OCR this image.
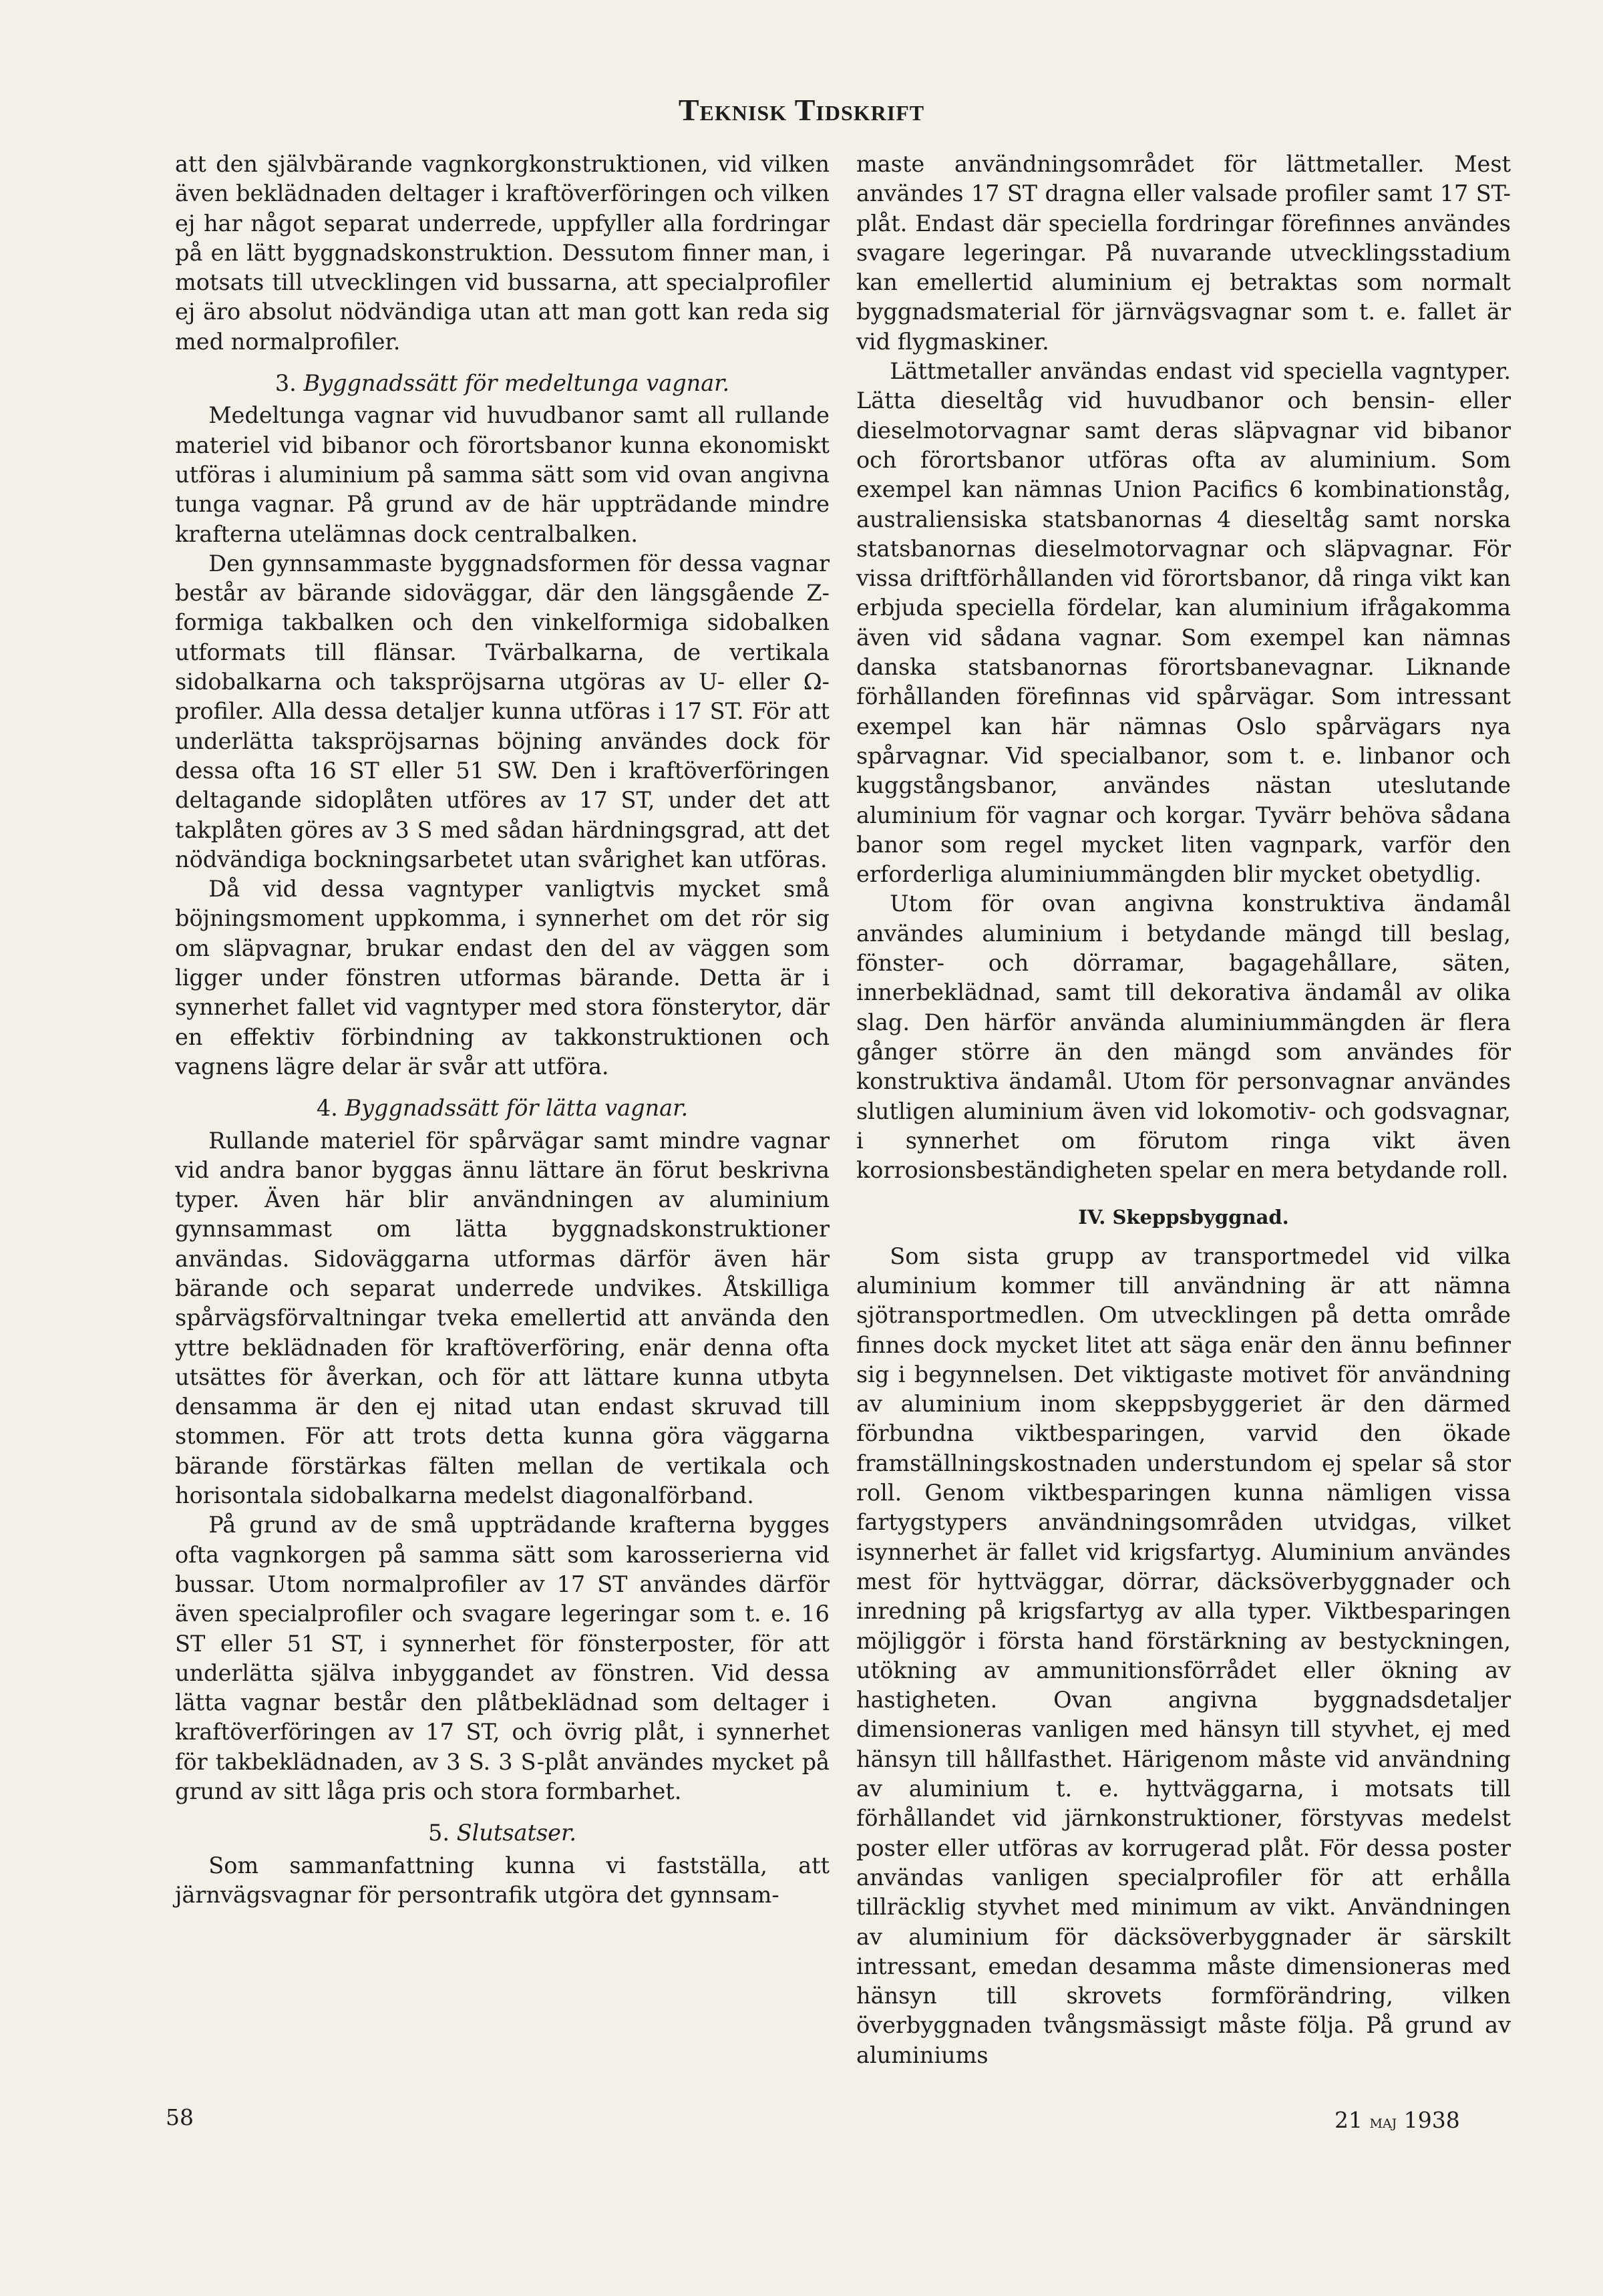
Teknisk Tidskrift

att den självbärande vagnkorgkonstruktionen, vid vilken även beklädnaden deltager i kraftöverföringen och vilken ej har något separat underrede, uppfyller alla fordringar på en lätt byggnadskonstruktion. Dessutom finner man, i motsats till utvecklingen vid bussarna, att specialprofiler ej äro absolut nödvändiga utan att man gott kan reda sig med normalprofiler.

3. Byggnadssätt för medeltunga vagnar.

Medeltunga vagnar vid huvudbanor samt all rullande materiel vid bibanor och förortsbanor kunna ekonomiskt utföras i aluminium på samma sätt som vid ovan angivna tunga vagnar. På grund av de här uppträdande mindre krafterna utelämnas dock centralbalken.

Den gynnsammaste byggnadsformen för dessa vagnar består av bärande sidoväggar, där den längsgående Z-formiga takbalken och den vinkelformiga sidobalken utformats till flänsar. Tvärbalkarna, de vertikala sidobalkarna och takspröjsarna utgöras av U- eller Ω-profiler. Alla dessa detaljer kunna utföras i 17 ST. För att underlätta takspröjsarnas böjning användes dock för dessa ofta 16 ST eller 51 SW. Den i kraftöverföringen deltagande sidoplåten utföres av 17 ST, under det att takplåten göres av 3 S med sådan härdningsgrad, att det nödvändiga bockningsarbetet utan svårighet kan utföras.

Då vid dessa vagntyper vanligtvis mycket små böjningsmoment uppkomma, i synnerhet om det rör sig om släpvagnar, brukar endast den del av väggen som ligger under fönstren utformas bärande. Detta är i synnerhet fallet vid vagntyper med stora fönsterytor, där en effektiv förbindning av takkonstruktionen och vagnens lägre delar är svår att utföra.

4. Byggnadssätt för lätta vagnar.

Rullande materiel för spårvägar samt mindre vagnar vid andra banor byggas ännu lättare än förut beskrivna typer. Även här blir användningen av aluminium gynnsammast om lätta byggnadskonstruktioner användas. Sidoväggarna utformas därför även här bärande och separat underrede undvikes. Åtskilliga spårvägsförvaltningar tveka emellertid att använda den yttre beklädnaden för kraftöverföring, enär denna ofta utsättes för åverkan, och för att lättare kunna utbyta densamma är den ej nitad utan endast skruvad till stommen. För att trots detta kunna göra väggarna bärande förstärkas fälten mellan de vertikala och horisontala sidobalkarna medelst diagonalförband.

På grund av de små uppträdande krafterna bygges ofta vagnkorgen på samma sätt som karosserierna vid bussar. Utom normalprofiler av 17 ST användes därför även specialprofiler och svagare legeringar som t. e. 16 ST eller 51 ST, i synnerhet för fönsterposter, för att underlätta själva inbyggandet av fönstren. Vid dessa lätta vagnar består den plåtbeklädnad som deltager i kraftöverföringen av 17 ST, och övrig plåt, i synnerhet för takbeklädnaden, av 3 S. 3 S-plåt användes mycket på grund av sitt låga pris och stora formbarhet.

5. Slutsatser.

Som sammanfattning kunna vi fastställa, att järnvägsvagnar för persontrafik utgöra det gynnsam-

maste användningsområdet för lättmetaller. Mest användes 17 ST dragna eller valsade profiler samt 17 ST-plåt. Endast där speciella fordringar förefinnes användes svagare legeringar. På nuvarande utvecklingsstadium kan emellertid aluminium ej betraktas som normalt byggnadsmaterial för järnvägsvagnar som t. e. fallet är vid flygmaskiner.

Lättmetaller användas endast vid speciella vagntyper. Lätta dieseltåg vid huvudbanor och bensin- eller dieselmotorvagnar samt deras släpvagnar vid bibanor och förortsbanor utföras ofta av aluminium. Som exempel kan nämnas Union Pacifics 6 kombinationståg, australiensiska statsbanornas 4 dieseltåg samt norska statsbanornas dieselmotorvagnar och släpvagnar. För vissa driftförhållanden vid förortsbanor, då ringa vikt kan erbjuda speciella fördelar, kan aluminium ifrågakomma även vid sådana vagnar. Som exempel kan nämnas danska statsbanornas förortsbanevagnar. Liknande förhållanden förefinnas vid spårvägar. Som intressant exempel kan här nämnas Oslo spårvägars nya spårvagnar. Vid specialbanor, som t. e. linbanor och kuggstångsbanor, användes nästan uteslutande aluminium för vagnar och korgar. Tyvärr behöva sådana banor som regel mycket liten vagnpark, varför den erforderliga aluminiummängden blir mycket obetydlig.

Utom för ovan angivna konstruktiva ändamål användes aluminium i betydande mängd till beslag, fönster- och dörramar, bagagehållare, säten, innerbeklädnad, samt till dekorativa ändamål av olika slag. Den härför använda aluminiummängden är flera gånger större än den mängd som användes för konstruktiva ändamål. Utom för personvagnar användes slutligen aluminium även vid lokomotiv- och godsvagnar, i synnerhet om förutom ringa vikt även korrosionsbeständigheten spelar en mera betydande roll.

IV. Skeppsbyggnad.

Som sista grupp av transportmedel vid vilka aluminium kommer till användning är att nämna sjötransportmedlen. Om utvecklingen på detta område finnes dock mycket litet att säga enär den ännu befinner sig i begynnelsen. Det viktigaste motivet för användning av aluminium inom skeppsbyggeriet är den därmed förbundna viktbesparingen, varvid den ökade framställningskostnaden understundom ej spelar så stor roll. Genom viktbesparingen kunna nämligen vissa fartygstypers användningsområden utvidgas, vilket isynnerhet är fallet vid krigsfartyg. Aluminium användes mest för hyttväggar, dörrar, däcksöverbyggnader och inredning på krigsfartyg av alla typer. Viktbesparingen möjliggör i första hand förstärkning av bestyckningen, utökning av ammunitionsförrådet eller ökning av hastigheten. Ovan angivna byggnadsdetaljer dimensioneras vanligen med hänsyn till styvhet, ej med hänsyn till hållfasthet. Härigenom måste vid användning av aluminium t. e. hyttväggarna, i motsats till förhållandet vid järnkonstruktioner, förstyvas medelst poster eller utföras av korrugerad plåt. För dessa poster användas vanligen specialprofiler för att erhålla tillräcklig styvhet med minimum av vikt. Användningen av aluminium för däcksöverbyggnader är särskilt intressant, emedan desamma måste dimensioneras med hänsyn till skrovets formförändring, vilken överbyggnaden tvångsmässigt måste följa. På grund av aluminiums

58	21 maj 1938
